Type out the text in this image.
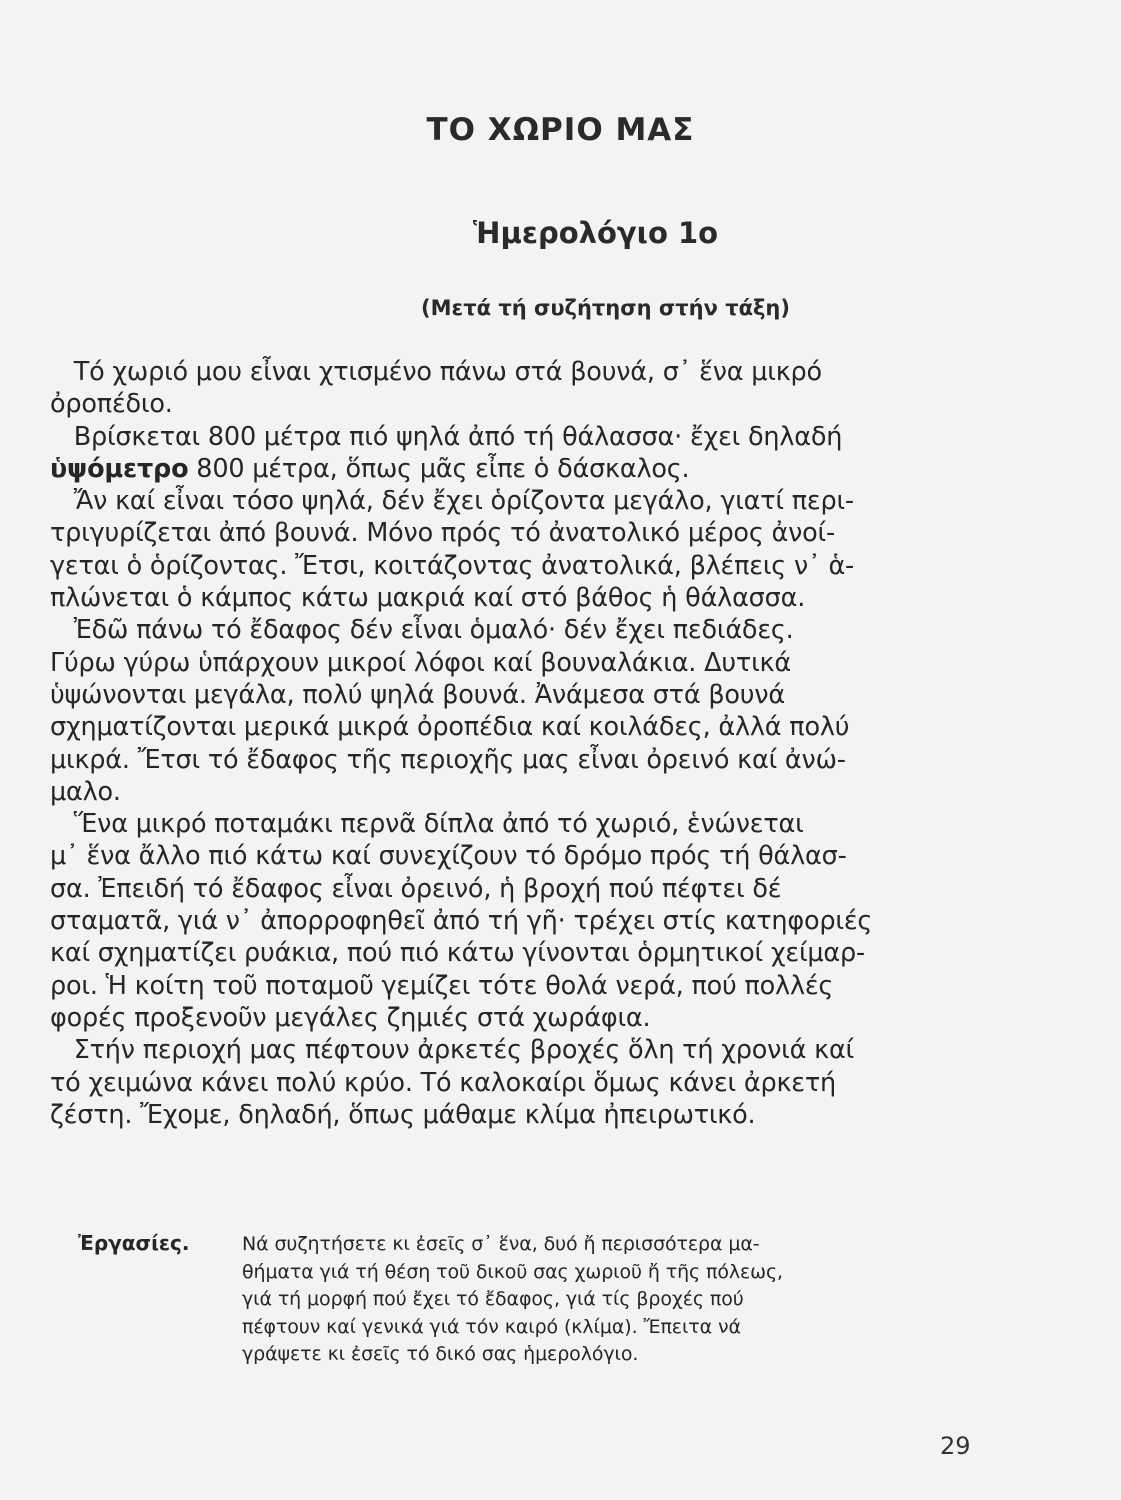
ΤΟ ΧΩΡΙΟ ΜΑΣ
Ἡμερολόγιο 1ο
(Μετά τή συζήτηση στήν τάξη)
Τό χωριό μου εἶναι χτισμένο πάνω στά βουνά, σ᾽ ἕνα μικρό
ὀροπέδιο.
Βρίσκεται 800 μέτρα πιό ψηλά ἀπό τή θάλασσα· ἔχει δηλαδή
ὑψόμετρο 800 μέτρα, ὅπως μᾶς εἶπε ὁ δάσκαλος.
Ἄν καί εἶναι τόσο ψηλά, δέν ἔχει ὁρίζοντα μεγάλο, γιατί περι-
τριγυρίζεται ἀπό βουνά. Μόνο πρός τό ἀνατολικό μέρος ἀνοί-
γεται ὁ ὁρίζοντας. Ἔτσι, κοιτάζοντας ἀνατολικά, βλέπεις ν᾽ ἁ-
πλώνεται ὁ κάμπος κάτω μακριά καί στό βάθος ἡ θάλασσα.
Ἐδῶ πάνω τό ἔδαφος δέν εἶναι ὁμαλό· δέν ἔχει πεδιάδες.
Γύρω γύρω ὑπάρχουν μικροί λόφοι καί βουναλάκια. Δυτικά
ὑψώνονται μεγάλα, πολύ ψηλά βουνά. Ἀνάμεσα στά βουνά
σχηματίζονται μερικά μικρά ὀροπέδια καί κοιλάδες, ἀλλά πολύ
μικρά. Ἔτσι τό ἔδαφος τῆς περιοχῆς μας εἶναι ὀρεινό καί ἀνώ-
μαλο.
Ἕνα μικρό ποταμάκι περνᾶ δίπλα ἀπό τό χωριό, ἑνώνεται
μ᾽ ἕνα ἄλλο πιό κάτω καί συνεχίζουν τό δρόμο πρός τή θάλασ-
σα. Ἐπειδή τό ἔδαφος εἶναι ὀρεινό, ἡ βροχή πού πέφτει δέ
σταματᾶ, γιά ν᾽ ἀπορροφηθεῖ ἀπό τή γῆ· τρέχει στίς κατηφοριές
καί σχηματίζει ρυάκια, πού πιό κάτω γίνονται ὁρμητικοί χείμαρ-
ροι. Ἡ κοίτη τοῦ ποταμοῦ γεμίζει τότε θολά νερά, πού πολλές
φορές προξενοῦν μεγάλες ζημιές στά χωράφια.
Στήν περιοχή μας πέφτουν ἀρκετές βροχές ὅλη τή χρονιά καί
τό χειμώνα κάνει πολύ κρύο. Τό καλοκαίρι ὅμως κάνει ἀρκετή
ζέστη. Ἔχομε, δηλαδή, ὅπως μάθαμε κλίμα ἠπειρωτικό.
Ἐργασίες.	Νά συζητήσετε κι ἐσεῖς σ᾽ ἕνα, δυό ἤ περισσότερα μα-
θήματα γιά τή θέση τοῦ δικοῦ σας χωριοῦ ἤ τῆς πόλεως,
γιά τή μορφή πού ἔχει τό ἔδαφος, γιά τίς βροχές πού
πέφτουν καί γενικά γιά τόν καιρό (κλίμα). Ἔπειτα νά
γράψετε κι ἐσεῖς τό δικό σας ἡμερολόγιο.
29
